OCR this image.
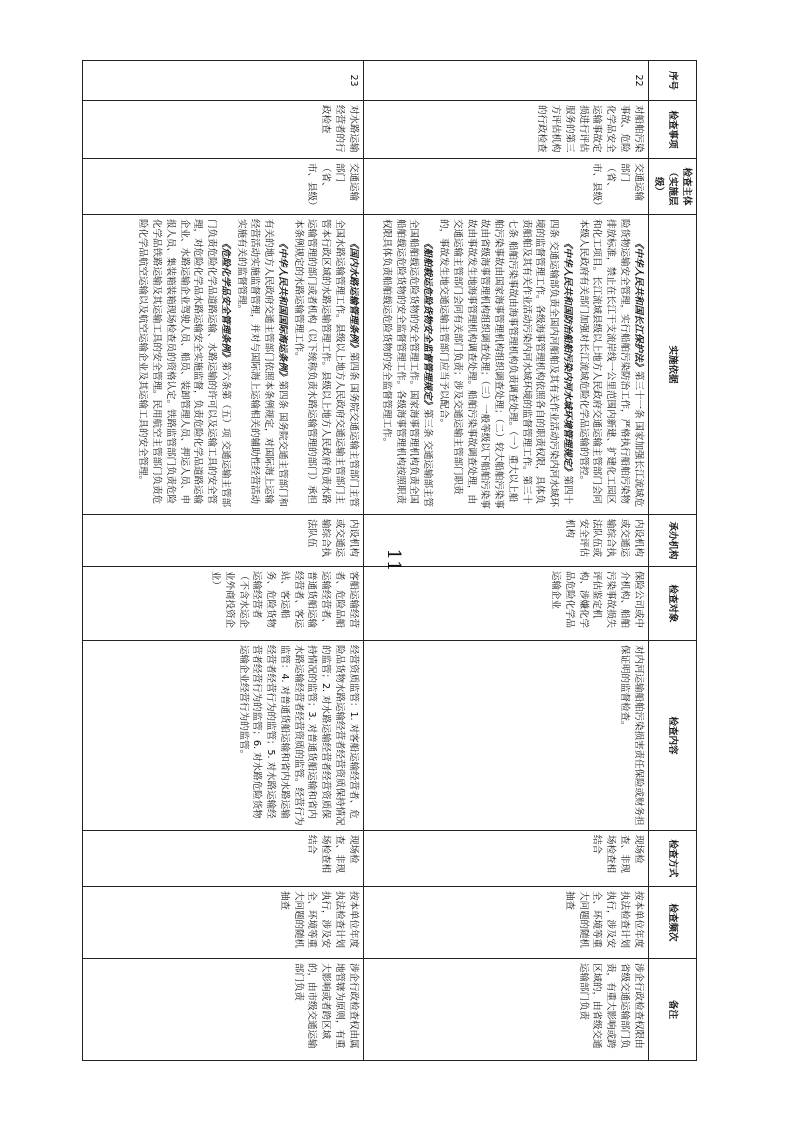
序号	检查事项	检查主体（实施层级）	实施依据	承办机构	检查对象	检查内容	检查方式	检查频次	备注
22	对船舶污染事故、危险化学品安全运输事故定损进行评估服务的第三方评估机构的行政检查	交通运输部门（省、市、县级）	《中华人民共和国长江保护法》第三十一条 国家加强长江流域危险货物运输安全管理，实行船舶污染防治工作，严格执行船舶污染物排放标准，禁止在长江干支流岸线一公里范围内新建、扩建化工园区和化工项目。长江流域县级以上地方人民政府交通运输主管部门会同本级人民政府有关部门加强对长江流域危险化学品运输的管控。

《中华人民共和国防治船舶污染内河水域环境管理规定》第四十四条 交通运输部负责全国内河船舶及其有关作业活动污染内河水域环境的监督管理工作。各级海事管理机构依照各自的职责权限，具体负责船舶及其有关作业活动污染内河水域环境的监督管理工作。第三十七条 船舶污染事故由海事管理机构负责调查处理。（一）重大以上船舶污染事故由国家海事管理机构组织调查处理；（二）较大船舶污染事故由省级海事管理机构组织调查处理；（三）一般等级以下船舶污染事故由事故发生地海事管理机构调查处理。船舶污染事故调查处理，由交通运输主管部门会同有关部门负责；涉及交通运输主管部门职责的，事故发生地交通运输主管部门应当予以配合。

《船舶载运危险货物安全监督管理规定》第三条 交通运输部主管全国船舶载运危险货物的安全管理工作。国家海事管理机构负责全国船舶载运危险货物的安全监督管理工作。各级海事管理机构按照职责权限具体负责船舶载运危险货物的安全监督管理工作。	内设机构或交通运输综合执法队伍或安全评估机构	保险公司或中介机构、船舶污染事故损失评估鉴定机构、涉嫌化学品危险化学品运输企业	对内河运输船舶污染损害责任保险或财务担保证明的监督检查。	现场检查、非现场检查相结合	按本单位年度执法检查计划执行，涉及安全、环境等重大问题的随机抽查	涉企行政检查权限由省级交通运输部门负责，有重大影响或跨区域的，由省级交通运输部门负责
23	对水路运输经营者的行政检查	交通运输部门（省、市、县级）	《国内水路运输管理条例》第四条 国务院交通运输主管部门主管全国水路运输管理工作。县级以上地方人民政府交通运输主管部门主管本行政区域的水路运输管理工作。县级以上地方人民政府负责水路运输管理的部门或者机构（以下统称负责水路运输管理的部门）承担本条例规定的水路运输管理工作。

《中华人民共和国国际海运条例》第四条 国务院交通主管部门和有关的地方人民政府交通主管部门依照本条例规定，对国际海上运输经营活动实施监督管理，并对与国际海上运输相关的辅助性经营活动实施有关的监督管理。

《危险化学品安全管理条例》第六条第（五）项 交通运输主管部门负责危险化学品道路运输、水路运输的许可以及运输工具的安全管理，对危险化学品水路运输安全实施监督，负责危险化学品道路运输企业、水路运输企业驾驶人员、船员、装卸管理人员、押运人员、申报人员、集装箱装箱现场检查员的资格认定。铁路监管部门负责危险化学品铁路运输及其运输工具的安全管理。民用航空主管部门负责危险化学品航空运输以及航空运输企业及其运输工具的安全管理。	内设机构或交通运输综合执法队伍	客船运输经营者、危险品船运输经营者、普通货船运输经营者、客运站、客运船务、危险货物运输经营者（不含水运企业外商投资企业）	经营资质监管：1. 对客船运输经营者、危险品货物水路运输经营者经营资质保持情况的监管；2. 对水路运输经营者经营资质保持情况的监管；3. 对普通货船运输和省内水路运输经营者经营资质的监管。经营行为监管：4. 对普通货船运输和省内水路运输经营者经营行为的监管；5. 对水路运输经营者经营行为的监管；6. 对水路危险货物运输企业经营行为的监管。	现场检查、非现场检查相结合	按本单位年度执法检查计划执行，涉及安全、环境等重大问题的随机抽查	涉企行政检查权由属地管辖为原则，有重大影响或者跨区域的，由市级交通运输部门负责
11
